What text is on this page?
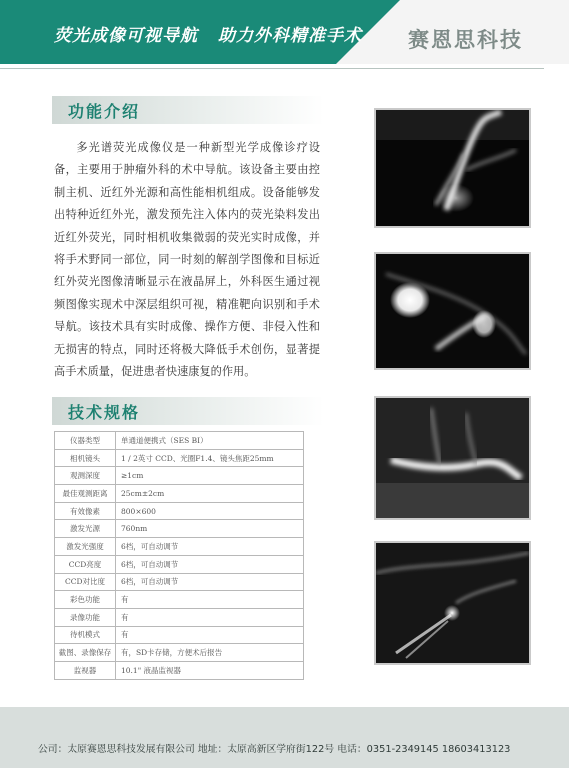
荧光成像可视导航 助力外科精准手术 赛恩思科技
功能介绍

多光谱荧光成像仪是一种新型光学成像诊疗设备，主要用于肿瘤外科的术中导航。该设备主要由控制主机、近红外光源和高性能相机组成。设备能够发出特种近红外光，激发预先注入体内的荧光染料发出近红外荧光，同时相机收集微弱的荧光实时成像，并将手术野同一部位，同一时刻的解剖学图像和目标近红外荧光图像清晰显示在液晶屏上，外科医生通过视频图像实现术中深层组织可视，精准靶向识别和手术导航。该技术具有实时成像、操作方便、非侵入性和无损害的特点，同时还将极大降低手术创伤，显著提高手术质量，促进患者快速康复的作用。

技术规格
仪器类型	单通道便携式（SES BI）
相机镜头	1 / 2英寸 CCD、光圈F1.4、镜头焦距25mm
观测深度	≥1cm
最佳观测距离	25cm±2cm
有效像素	800×600
激发光源	760nm
激发光强度	6档，可自动调节
CCD亮度	6档，可自动调节
CCD对比度	6档，可自动调节
彩色功能	有
录像功能	有
待机模式	有
截图、录像保存	有，SD卡存储，方便术后报告
监视器	10.1" 液晶监视器
公司：太原赛恩思科技发展有限公司 地址：太原高新区学府街122号 电话：0351-2349145 18603413123
